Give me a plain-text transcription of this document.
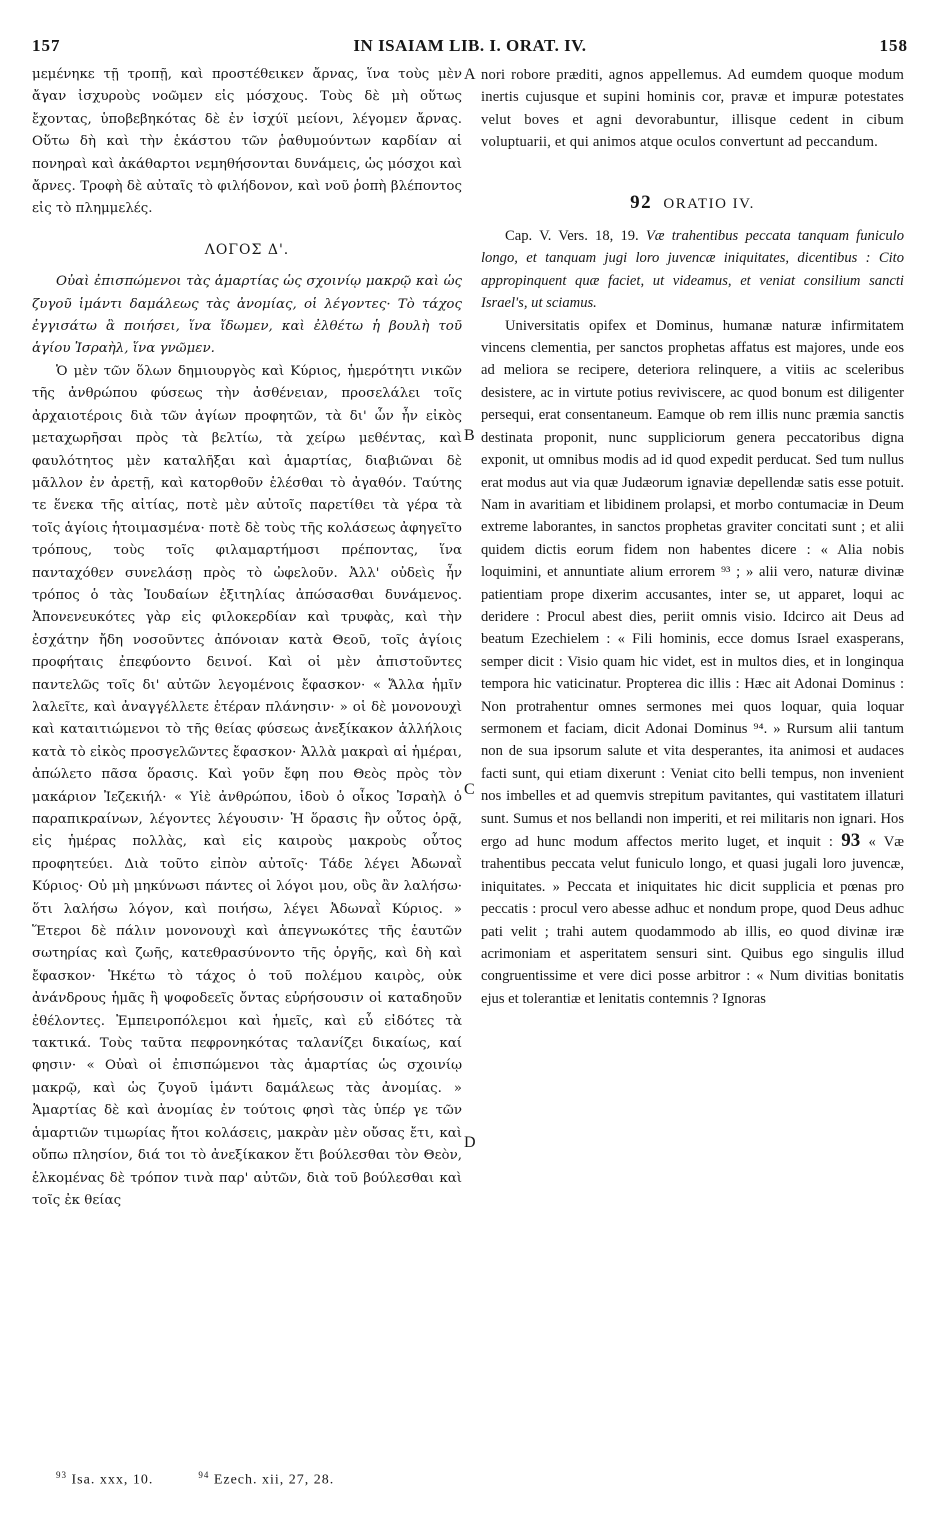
157	IN ISAIAM LIB. I. ORAT. IV.	158
A
B
C
D

μεμένηκε τῇ τροπῇ, καὶ προστέθεικεν ἄρνας, ἵνα τοὺς μὲν ἄγαν ἰσχυροὺς νοῶμεν εἰς μόσχους. Τοὺς δὲ μὴ οὕτως ἔχοντας, ὑποβεβηκότας δὲ ἐν ἰσχύϊ μείονι, λέγομεν ἄρνας. Οὕτω δὴ καὶ τὴν ἑκάστου τῶν ῥαθυμούντων καρδίαν αἱ πονηραὶ καὶ ἀκάθαρτοι νεμηθήσονται δυνάμεις, ὡς μόσχοι καὶ ἄρνες. Τροφὴ δὲ αὐταῖς τὸ φιλήδονον, καὶ νοῦ ῥοπὴ βλέποντος εἰς τὸ πλημμελές.

ΛΟΓΟΣ Δ'.

Οὐαὶ ἐπισπώμενοι τὰς ἁμαρτίας ὡς σχοινίῳ μακρῷ καὶ ὡς ζυγοῦ ἱμάντι δαμάλεως τὰς ἀνομίας, οἱ λέγοντες· Τὸ τάχος ἐγγισάτω ἃ ποιήσει, ἵνα ἴδωμεν, καὶ ἐλθέτω ἡ βουλὴ τοῦ ἁγίου Ἰσραὴλ, ἵνα γνῶμεν.

Ὁ μὲν τῶν ὅλων δημιουργὸς καὶ Κύριος, ἡμερότητι νικῶν τῆς ἀνθρώπου φύσεως τὴν ἀσθένειαν, προσελάλει τοῖς ἀρχαιοτέροις διὰ τῶν ἁγίων προφητῶν, τὰ δι' ὧν ἦν εἰκὸς μεταχωρῆσαι πρὸς τὰ βελτίω, τὰ χείρω μεθέντας, καὶ φαυλότητος μὲν καταλῆξαι καὶ ἁμαρτίας, διαβιῶναι δὲ μᾶλλον ἐν ἀρετῇ, καὶ κατορθοῦν ἑλέσθαι τὸ ἀγαθόν. Ταύτης τε ἕνεκα τῆς αἰτίας, ποτὲ μὲν αὐτοῖς παρετίθει τὰ γέρα τὰ τοῖς ἁγίοις ἡτοιμασμένα· ποτὲ δὲ τοὺς τῆς κολάσεως ἀφηγεῖτο τρόπους, τοὺς τοῖς φιλαμαρτήμοσι πρέποντας, ἵνα πανταχόθεν συνελάσῃ πρὸς τὸ ὠφελοῦν. Ἀλλ' οὐδεὶς ἦν τρόπος ὁ τὰς Ἰουδαίων ἐξιτηλίας ἀπώσασθαι δυνάμενος. Ἀπονενευκότες γὰρ εἰς φιλοκερδίαν καὶ τρυφὰς, καὶ τὴν ἐσχάτην ἤδη νοσοῦντες ἀπόνοιαν κατὰ Θεοῦ, τοῖς ἁγίοις προφήταις ἐπεφύοντο δεινοί. Καὶ οἱ μὲν ἀπιστοῦντες παντελῶς τοῖς δι' αὐτῶν λεγομένοις ἔφασκον· « Ἄλλα ἡμῖν λαλεῖτε, καὶ ἀναγγέλλετε ἑτέραν πλάνησιν· » οἱ δὲ μονονουχὶ καὶ καταιτιώμενοι τὸ τῆς θείας φύσεως ἀνεξίκακον ἀλλήλοις κατὰ τὸ εἰκὸς προσγελῶντες ἔφασκον· Ἀλλὰ μακραὶ αἱ ἡμέραι, ἀπώλετο πᾶσα ὅρασις. Καὶ γοῦν ἔφη που Θεὸς πρὸς τὸν μακάριον Ἰεζεκιήλ· « Υἱὲ ἀνθρώπου, ἰδοὺ ὁ οἶκος Ἰσραὴλ ὁ παραπικραίνων, λέγοντες λέγουσιν· Ἡ ὅρασις ἣν οὗτος ὁρᾷ, εἰς ἡμέρας πολλὰς, καὶ εἰς καιροὺς μακροὺς οὗτος προφητεύει. Διὰ τοῦτο εἰπὸν αὐτοῖς· Τάδε λέγει Ἀδωναῒ Κύριος· Οὐ μὴ μηκύνωσι πάντες οἱ λόγοι μου, οὓς ἂν λαλήσω· ὅτι λαλήσω λόγον, καὶ ποιήσω, λέγει Ἀδωναῒ Κύριος. » Ἕτεροι δὲ πάλιν μονονουχὶ καὶ ἀπεγνωκότες τῆς ἑαυτῶν σωτηρίας καὶ ζωῆς, κατεθρασύνοντο τῆς ὀργῆς, καὶ δὴ καὶ ἔφασκον· Ἡκέτω τὸ τάχος ὁ τοῦ πολέμου καιρὸς, οὐκ ἀνάνδρους ἡμᾶς ἢ ψοφοδεεῖς ὄντας εὑρήσουσιν οἱ καταδηοῦν ἐθέλοντες. Ἐμπειροπόλεμοι καὶ ἡμεῖς, καὶ εὖ εἰδότες τὰ τακτικά. Τοὺς ταῦτα πεφρονηκότας ταλανίζει δικαίως, καί φησιν· « Οὐαὶ οἱ ἐπισπώμενοι τὰς ἁμαρτίας ὡς σχοινίῳ μακρῷ, καὶ ὡς ζυγοῦ ἱμάντι δαμάλεως τὰς ἀνομίας. » Ἁμαρτίας δὲ καὶ ἀνομίας ἐν τούτοις φησὶ τὰς ὑπέρ γε τῶν ἁμαρτιῶν τιμωρίας ἤτοι κολάσεις, μακρὰν μὲν οὔσας ἔτι, καὶ οὔπω πλησίον, διά τοι τὸ ἀνεξίκακον ἔτι βούλεσθαι τὸν Θεὸν, ἑλκομένας δὲ τρόπον τινὰ παρ' αὐτῶν, διὰ τοῦ βούλεσθαι καὶ τοῖς ἐκ θείας

nori robore præditi, agnos appellemus. Ad eumdem quoque modum inertis cujusque et supini hominis cor, pravæ et impuræ potestates velut boves et agni devorabuntur, illisque cedent in cibum voluptuarii, et qui animos atque oculos convertunt ad peccandum.

92 ORATIO IV.

Cap. V. Vers. 18, 19. Væ trahentibus peccata tanquam funiculo longo, et tanquam jugi loro juvencæ iniquitates, dicentibus : Cito appropinquent quæ faciet, ut videamus, et veniat consilium sancti Israel's, ut sciamus.

Universitatis opifex et Dominus, humanæ naturæ infirmitatem vincens clementia, per sanctos prophetas affatus est majores, unde eos ad meliora se recipere, deteriora relinquere, a vitiis ac sceleribus desistere, ac in virtute potius reviviscere, ac quod bonum est diligenter persequi, erat consentaneum. Eamque ob rem illis nunc præmia sanctis destinata proponit, nunc suppliciorum genera peccatoribus digna exponit, ut omnibus modis ad id quod expedit perducat. Sed tum nullus erat modus aut via quæ Judæorum ignaviæ depellendæ satis esse potuit. Nam in avaritiam et libidinem prolapsi, et morbo contumaciæ in Deum extreme laborantes, in sanctos prophetas graviter concitati sunt ; et alii quidem dictis eorum fidem non habentes dicere : « Alia nobis loquimini, et annuntiate alium errorem ⁹³ ; » alii vero, naturæ divinæ patientiam prope dixerim accusantes, inter se, ut apparet, loqui ac deridere : Procul abest dies, periit omnis visio. Idcirco ait Deus ad beatum Ezechielem : « Fili hominis, ecce domus Israel exasperans, semper dicit : Visio quam hic videt, est in multos dies, et in longinqua tempora hic vaticinatur. Propterea dic illis : Hæc ait Adonai Dominus : Non protrahentur omnes sermones mei quos loquar, quia loquar sermonem et faciam, dicit Adonai Dominus ⁹⁴. » Rursum alii tantum non de sua ipsorum salute et vita desperantes, ita animosi et audaces facti sunt, qui etiam dixerunt : Veniat cito belli tempus, non invenient nos imbelles et ad quemvis strepitum pavitantes, qui vastitatem illaturi sunt. Sumus et nos bellandi non imperiti, et rei militaris non ignari. Hos ergo ad hunc modum affectos merito luget, et inquit : 93 « Væ trahentibus peccata velut funiculo longo, et quasi jugali loro juvencæ, iniquitates. » Peccata et iniquitates hic dicit supplicia et pœnas pro peccatis : procul vero abesse adhuc et nondum prope, quod Deus adhuc pati velit ; trahi autem quodammodo ab illis, eo quod divinæ iræ acrimoniam et asperitatem sensuri sint. Quibus ego singulis illud congruentissime et vere dici posse arbitror : « Num divitias bonitatis ejus et tolerantiæ et lenitatis contemnis ? Ignoras

$^{93}$ Isa. xxx, 10.	$^{94}$ Ezech. xii, 27, 28.
